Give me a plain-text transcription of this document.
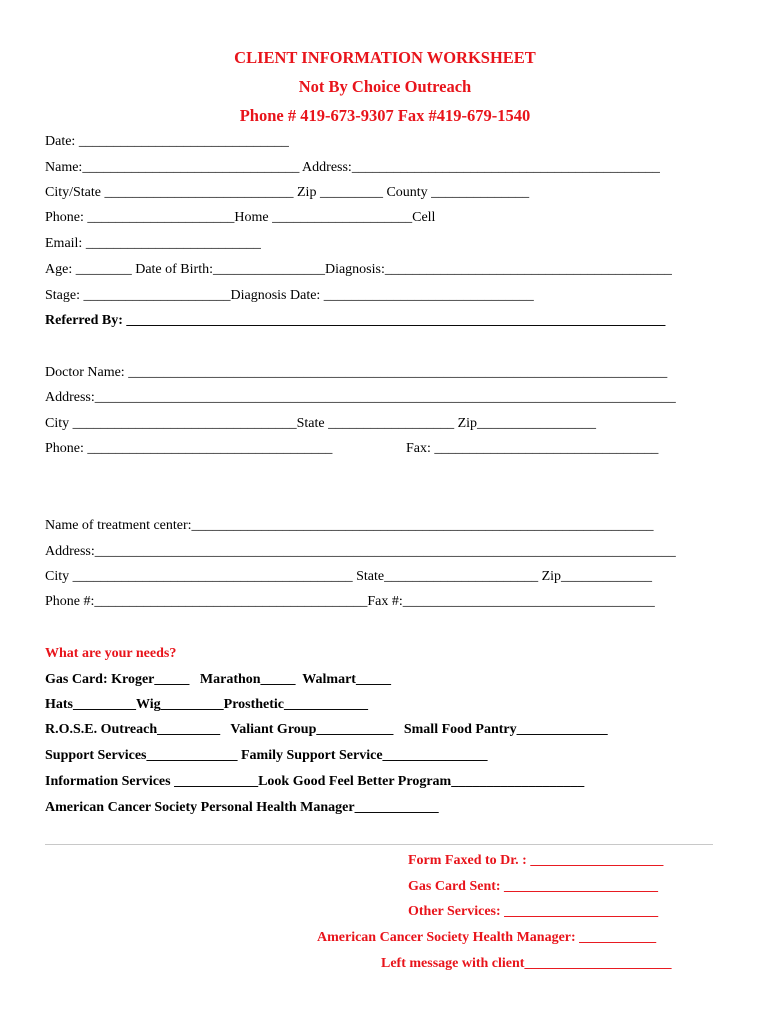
CLIENT INFORMATION WORKSHEET
Not By Choice Outreach
Phone # 419-673-9307 Fax #419-679-1540
Date: ______________________________
Name:_______________________________ Address:____________________________________________
City/State ___________________________ Zip _________ County ______________
Phone: _____________________Home ____________________Cell
Email: _________________________
Age: ________ Date of Birth:________________Diagnosis:_________________________________________
Stage: _____________________Diagnosis Date: ______________________________
Referred By: _____________________________________________________________________________
Doctor Name: _____________________________________________________________________________
Address:___________________________________________________________________________________
City ________________________________State __________________ Zip_________________
Phone: ___________________________________	Fax: ________________________________
Name of treatment center:__________________________________________________________________
Address:___________________________________________________________________________________
City ________________________________________ State______________________ Zip_____________
Phone #:_______________________________________Fax #:____________________________________
What are your needs?
Gas Card: Kroger_____   Marathon_____  Walmart_____
Hats_________Wig_________Prosthetic____________
R.O.S.E. Outreach_________   Valiant Group___________   Small Food Pantry_____________
Support Services_____________ Family Support Service_______________
Information Services ____________Look Good Feel Better Program___________________
American Cancer Society Personal Health Manager____________
Form Faxed to Dr. : ___________________
Gas Card Sent: ______________________
Other Services: ______________________
American Cancer Society Health Manager: ___________
Left message with client_____________________
